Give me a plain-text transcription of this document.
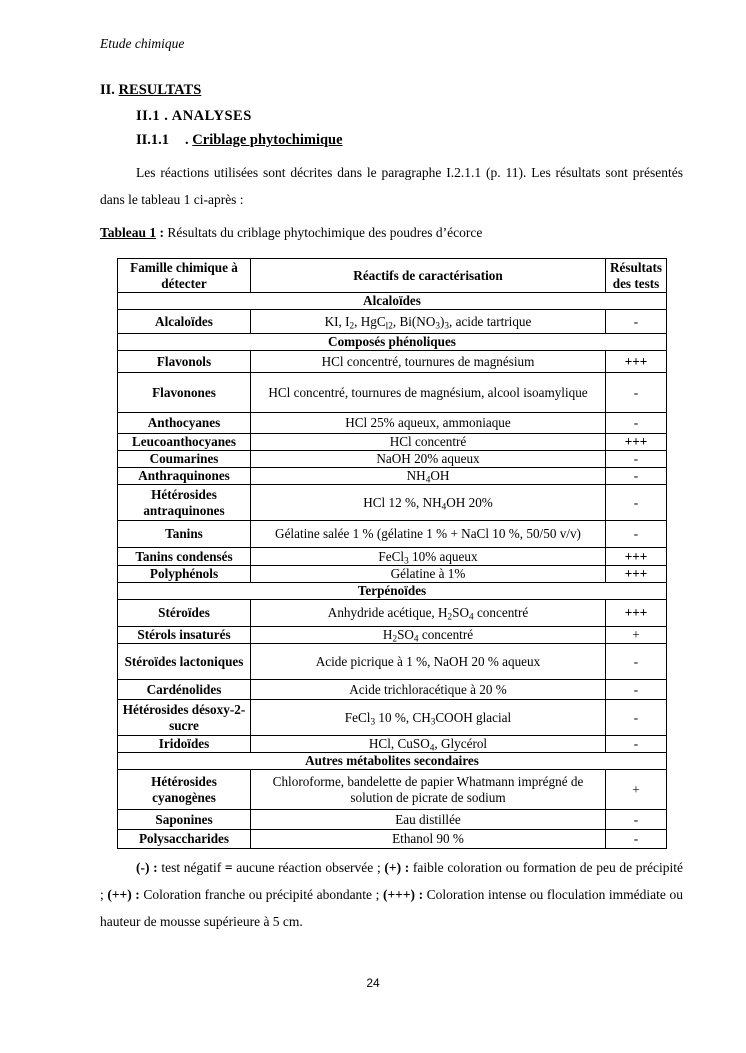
Etude chimique
II. RESULTATS
II.1 . ANALYSES
II.1.1 . Criblage phytochimique
Les réactions utilisées sont décrites dans le paragraphe I.2.1.1 (p. 11). Les résultats sont présentés dans le tableau 1 ci-après :
Tableau 1 : Résultats du criblage phytochimique des poudres d’écorce
Famille chimique à détecter	Réactifs de caractérisation	Résultats des tests
Alcaloïdes		
Alcaloïdes	KI, $I_2$, HgC$_{l2}$, $Bi(NO_3)_3$, acide tartrique	-
Composés phénoliques		
Flavonols	HCl concentré, tournures de magnésium	+++
Flavonones	HCl concentré, tournures de magnésium, alcool isoamylique	-
Anthocyanes	HCl 25% aqueux, ammoniaque	-
Leucoanthocyanes	HCl concentré	+++
Coumarines	NaOH 20% aqueux	-
Anthraquinones	$NH_4OH$	-
Hétérosides antraquinones	HCl 12 %, $NH_4OH$ 20%	-
Tanins	Gélatine salée 1 % (gélatine 1 % + NaCl 10 %, 50/50 v/v)	-
Tanins condensés	FeCl$_3$ 10% aqueux	+++
Polyphénols	Gélatine à 1%	+++
Terpénoïdes		
Stéroïdes	Anhydride acétique, $H_2SO_4$ concentré	+++
Stérols insaturés	$H_2SO_4$ concentré	+
Stéroïdes lactoniques	Acide picrique à 1 %, NaOH 20 % aqueux	-
Cardénolides	Acide trichloracétique à 20 %	-
Hétérosides désoxy-2-sucre	FeCl$_3$ 10 %, $CH_3COOH$ glacial	-
Iridoïdes	HCl, CuSO$_4$, Glycérol	-
Autres métabolites secondaires		
Hétérosides cyanogènes	Chloroforme, bandelette de papier Whatmann imprégné de solution de picrate de sodium	+
Saponines	Eau distillée	-
Polysaccharides	Ethanol 90 %	-
(-) : test négatif = aucune réaction observée ; (+) : faible coloration ou formation de peu de précipité ; (++) : Coloration franche ou précipité abondante ; (+++) : Coloration intense ou floculation immédiate ou hauteur de mousse supérieure à 5 cm.
24
